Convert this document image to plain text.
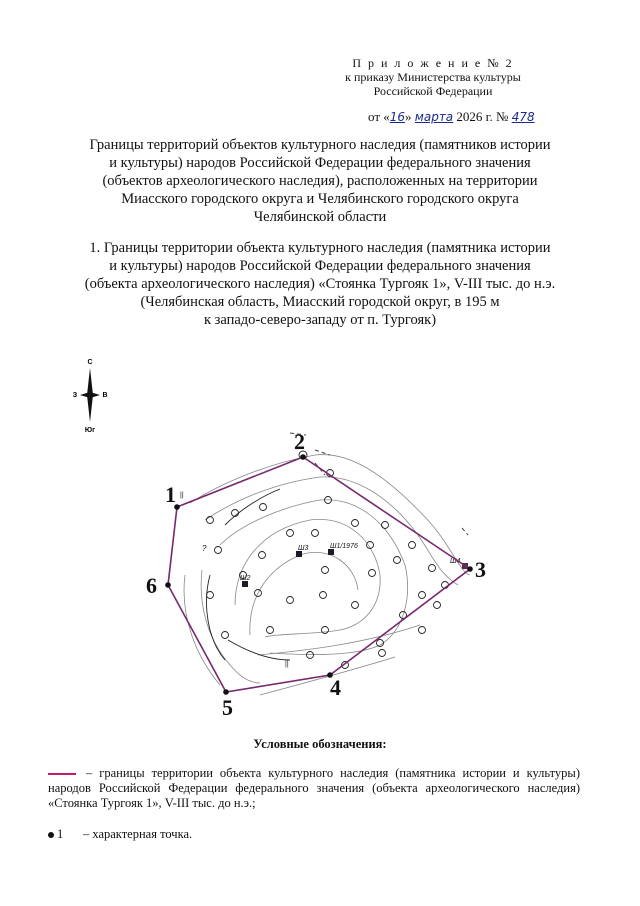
П р и л о ж е н и е № 2
к приказу Министерства культуры
Российской Федерации
от «16» марта 2026 г. № 478
Границы территорий объектов культурного наследия (памятников истории
и культуры) народов Российской Федерации федерального значения
(объектов археологического наследия), расположенных на территории
Миасского городского округа и Челябинского городского округа
Челябинской области
1. Границы территории объекта культурного наследия (памятника истории
и культуры) народов Российской Федерации федерального значения
(объекта археологического наследия) «Стоянка Тургояк 1», V-III тыс. до н.э.
(Челябинская область, Миасский городской округ, в 195 м
к западо-северо-западу от п. Тургояк)
С
З	В
Юг
Ш3	Ш1/1976
Ш2
Ш4
?
||
||
1
2
3
4
5
6
Условные обозначения:
– границы территории объекта культурного наследия (памятника истории и культуры) народов Российской Федерации федерального значения (объекта археологического наследия) «Стоянка Тургояк 1», V-III тыс. до н.э.;
1 – характерная точка.
